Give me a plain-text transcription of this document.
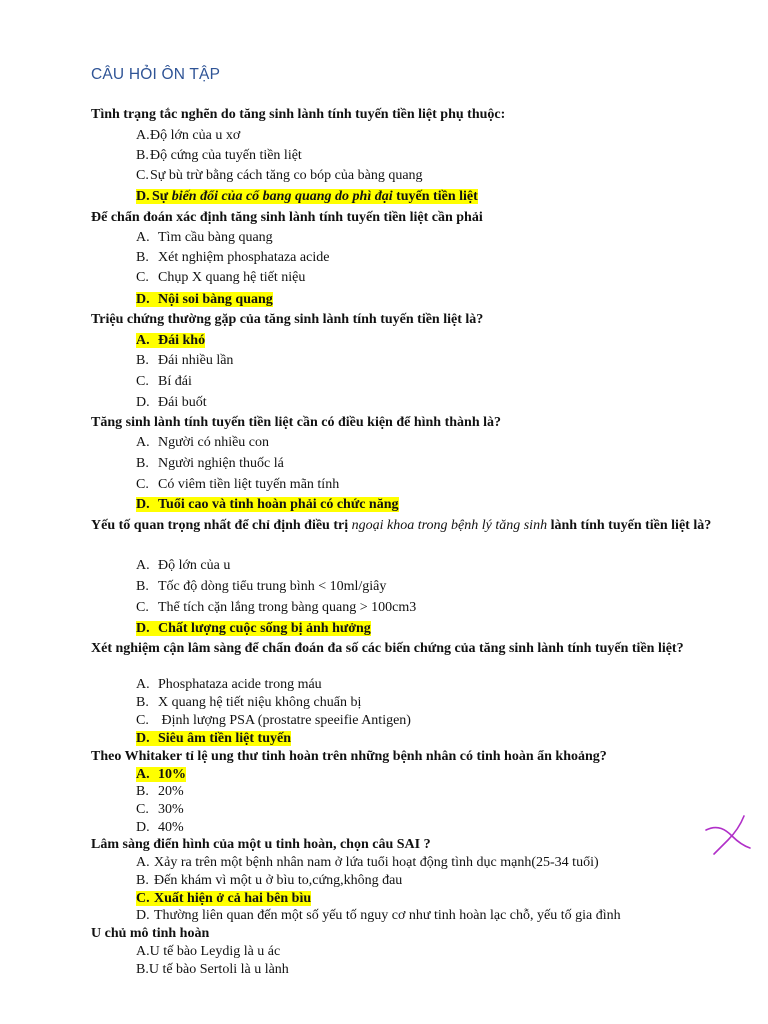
CÂU HỎI ÔN TẬP
Tình trạng tắc nghẽn do tăng sinh lành tính tuyến tiền liệt phụ thuộc:
A.Độ lớn của u xơ
B.Độ cứng của tuyến tiền liệt
C.Sự bù trừ bằng cách tăng co bóp của bàng quang
D. Sự biến đổi của cổ bang quang do phì đại tuyến tiền liệt
Để chẩn đoán xác định tăng sinh lành tính tuyến tiền liệt cần phải
A. Tìm cầu bàng quang
B. Xét nghiệm phosphataza acide
C. Chụp X quang hệ tiết niệu
D. Nội soi bàng quang
Triệu chứng thường gặp của tăng sinh lành tính tuyến tiền liệt là?
A. Đái khó
B. Đái nhiều lần
C. Bí đái
D. Đái buốt
Tăng sinh lành tính tuyến tiền liệt cần có điều kiện để hình thành là?
A. Người có nhiều con
B. Người nghiện thuốc lá
C. Có viêm tiền liệt tuyến mãn tính
D. Tuổi cao và tinh hoàn phải có chức năng
Yếu tố quan trọng nhất để chỉ định điều trị ngoại khoa trong bệnh lý tăng sinh lành tính tuyến tiền liệt là?
A. Độ lớn của u
B. Tốc độ dòng tiểu trung bình < 10ml/giây
C. Thể tích cặn lắng trong bàng quang > 100cm3
D. Chất lượng cuộc sống bị ảnh hưởng
Xét nghiệm cận lâm sàng để chẩn đoán đa số các biến chứng của tăng sinh lành tính tuyến tiền liệt?
A. Phosphataza acide trong máu
B. X quang hệ tiết niệu không chuẩn bị
C. Định lượng PSA (prostatre speeifie Antigen)
D. Siêu âm tiền liệt tuyến
Theo Whitaker tỉ lệ ung thư tinh hoàn trên những bệnh nhân có tinh hoàn ẩn khoảng?
A. 10%
B. 20%
C. 30%
D. 40%
Lâm sàng điển hình của một u tinh hoàn, chọn câu SAI ?
A. Xảy ra trên một bệnh nhân nam ở lứa tuổi hoạt động tình dục mạnh(25-34 tuổi)
B. Đến khám vì một u ở bìu to,cứng,không đau
C. Xuất hiện ở cả hai bên bìu
D. Thường liên quan đến một số yếu tố nguy cơ như tinh hoàn lạc chỗ, yếu tố gia đình
U chủ mô tinh hoàn
A.U tế bào Leydig là u ác
B.U tế bào Sertoli là u lành
